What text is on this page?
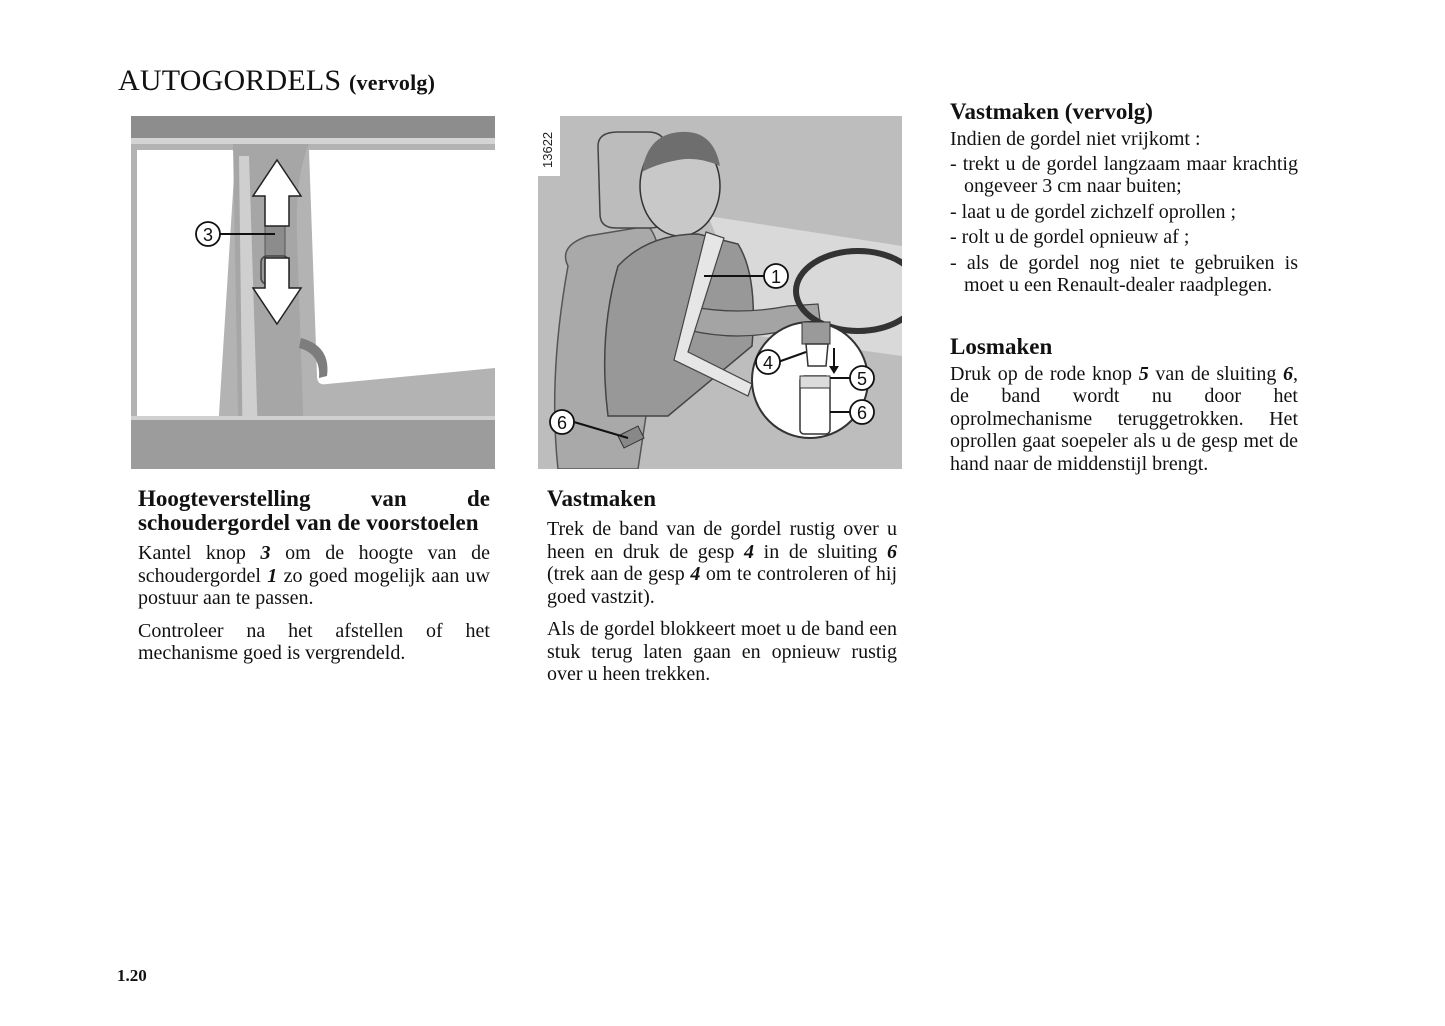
AUTOGORDELS (vervolg)
3
13622
1
4
5
6
6
Hoogteverstelling van de schoudergordel van de voorstoelen

Kantel knop 3 om de hoogte van de schoudergordel 1 zo goed mogelijk aan uw postuur aan te passen.

Controleer na het afstellen of het mechanisme goed is vergrendeld.

Vastmaken

Trek de band van de gordel rustig over u heen en druk de gesp 4 in de sluiting 6 (trek aan de gesp 4 om te controleren of hij goed vastzit).

Als de gordel blokkeert moet u de band een stuk terug laten gaan en opnieuw rustig over u heen trekken.

Vastmaken (vervolg)

Indien de gordel niet vrijkomt :

- trekt u de gordel langzaam maar krachtig ongeveer 3 cm naar buiten;
- laat u de gordel zichzelf oprollen ;
- rolt u de gordel opnieuw af ;
- als de gordel nog niet te gebruiken is moet u een Renault-dealer raadplegen.
Losmaken

Druk op de rode knop 5 van de sluiting 6, de band wordt nu door het oprolmechanisme teruggetrokken. Het oprollen gaat soepeler als u de gesp met de hand naar de middenstijl brengt.

1.20
